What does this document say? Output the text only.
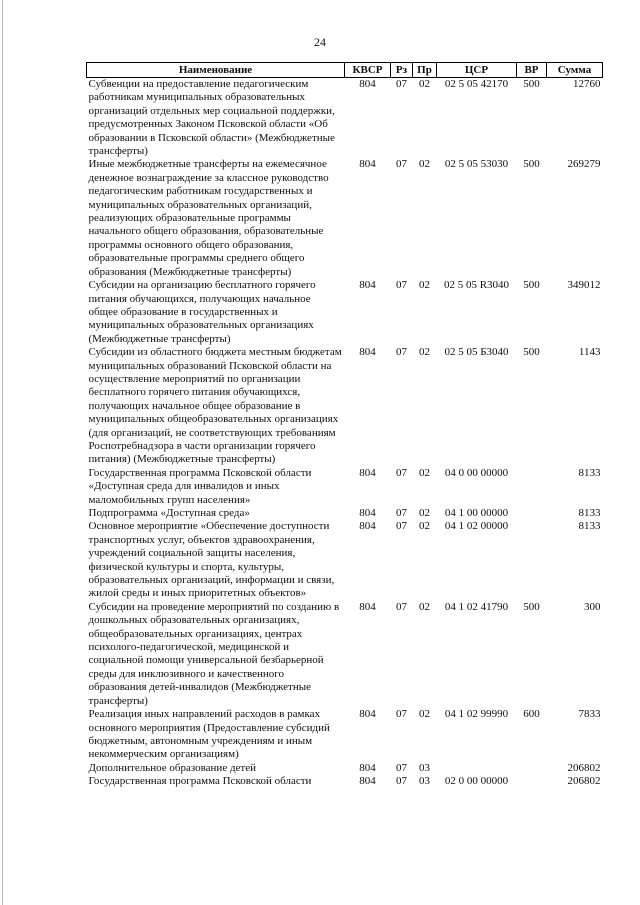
24
Наименование	КВСР	Рз	Пр	ЦСР	ВР	Сумма
Субвенции на предоставление педагогическим работникам муниципальных образовательных организаций отдельных мер социальной поддержки, предусмотренных Законом Псковской области «Об образовании в Псковской области» (Межбюджетные трансферты)	804	07	02	02 5 05 42170	500	12760
Иные межбюджетные трансферты на ежемесячное денежное вознаграждение за классное руководство педагогическим работникам государственных и муниципальных образовательных организаций, реализующих образовательные программы начального общего образования, образовательные программы основного общего образования, образовательные программы среднего общего образования (Межбюджетные трансферты)	804	07	02	02 5 05 53030	500	269279
Субсидии на организацию бесплатного горячего питания обучающихся, получающих начальное общее образование в государственных и муниципальных образовательных организациях (Межбюджетные трансферты)	804	07	02	02 5 05 R3040	500	349012
Субсидии из областного бюджета местным бюджетам муниципальных образований Псковской области на осуществление мероприятий по организации бесплатного горячего питания обучающихся, получающих начальное общее образование в муниципальных общеобразовательных организациях (для организаций, не соответствующих требованиям Роспотребнадзора в части организации горячего питания) (Межбюджетные трансферты)	804	07	02	02 5 05 Б3040	500	1143
Государственная программа Псковской области «Доступная среда для инвалидов и иных маломобильных групп населения»	804	07	02	04 0 00 00000		8133
Подпрограмма «Доступная среда»	804	07	02	04 1 00 00000		8133
Основное мероприятие «Обеспечение доступности транспортных услуг, объектов здравоохранения, учреждений социальной защиты населения, физической культуры и спорта, культуры, образовательных организаций, информации и связи, жилой среды и иных приоритетных объектов»	804	07	02	04 1 02 00000		8133
Субсидии на проведение мероприятий по созданию в дошкольных образовательных организациях, общеобразовательных организациях, центрах психолого-педагогической, медицинской и социальной помощи универсальной безбарьерной среды для инклюзивного и качественного образования детей-инвалидов (Межбюджетные трансферты)	804	07	02	04 1 02 41790	500	300
Реализация иных направлений расходов в рамках основного мероприятия (Предоставление субсидий бюджетным, автономным учреждениям и иным некоммерческим организациям)	804	07	02	04 1 02 99990	600	7833
Дополнительное образование детей	804	07	03			206802
Государственная программа Псковской области	804	07	03	02 0 00 00000		206802
